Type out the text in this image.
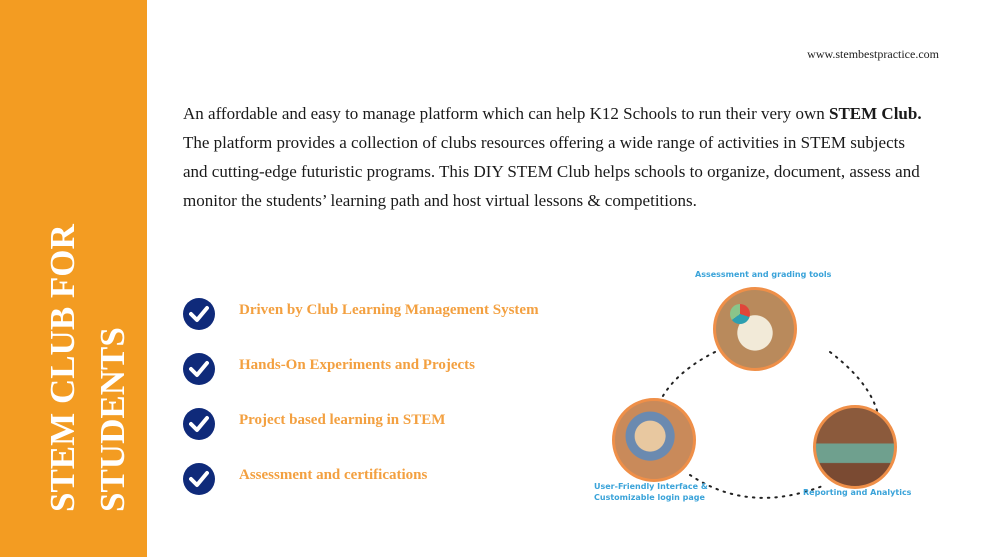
STEM CLUB FOR STUDENTS
www.stembestpractice.com
An affordable and easy to manage platform which can help K12 Schools to run their very own STEM Club.
The platform provides a collection of clubs resources offering a wide range of activities in STEM subjects and cutting-edge futuristic programs. This DIY STEM Club helps schools to organize, document, assess and monitor the students’ learning path and host virtual lessons & competitions.
Driven by Club Learning Management System
Hands-On Experiments and Projects
Project based learning in STEM
Assessment and certifications
Assessment and grading tools
User-Friendly Interface &
Customizable login page
Reporting and Analytics
